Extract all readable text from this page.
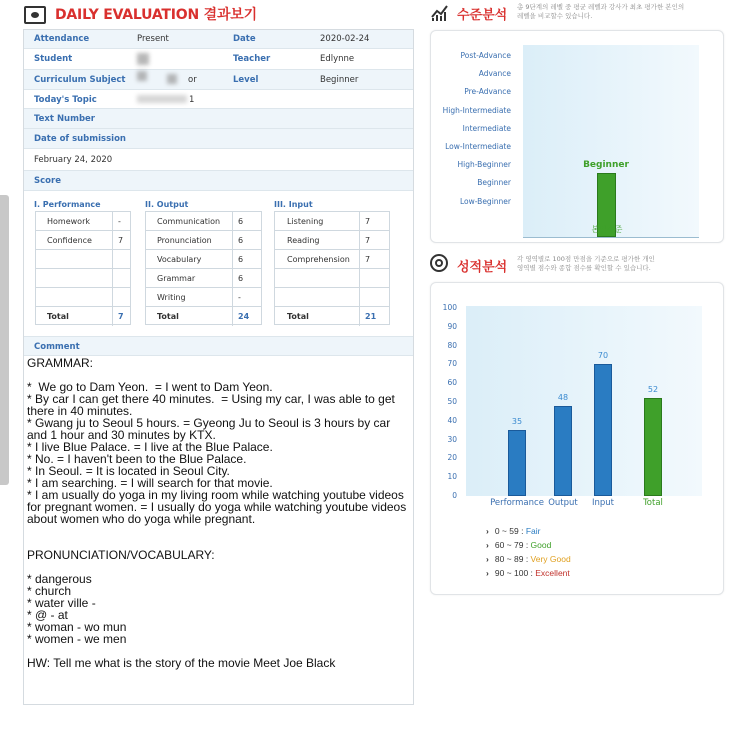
DAILY EVALUATION 결과보기
Attendance	Present	Date	2020-02-24
Student	Teacher	Edlynne
Curriculum Subject	or	Level	Beginner
Today's Topic	1
Text Number
Date of submission
February 24, 2020
Score
I. Performance	II. Output	III. Input
Homework	-
Confidence	7
Total	7
Communication 6
Pronunciation	6
Vocabulary	6
Grammar	6
Writing	-
Total	24
Listening	7
Reading	7
Comprehension 7
Total	21
Comment
GRAMMAR:

*  We go to Dam Yeon.  = I went to Dam Yeon.
* By car I can get there 40 minutes.  = Using my car, I was able to get there in 40 minutes.
* Gwang ju to Seoul 5 hours. = Gyeong Ju to Seoul is 3 hours by car and 1 hour and 30 minutes by KTX.
* I live Blue Palace. = I live at the Blue Palace.
* No. = I haven't been to the Blue Palace.
* In Seoul. = It is located in Seoul City.
* I am searching. = I will search for that movie.
* I am usually do yoga in my living room while watching youtube videos for pregnant women. = I usually do yoga while watching youtube videos about women who do yoga while pregnant.

PRONUNCIATION/VOCABULARY:

* dangerous
* church
* water ville -
* @ - at
* woman - wo mun
* women - we men

HW: Tell me what is the story of the movie Meet Joe Black
수준분석
총 9단계의 레벨 중 평균 레벨과 강사가 최초 평가한 본인의
레벨을 비교할수 있습니다.
Post-Advance
Advance
Pre-Advance
High-Intermediate
Intermediate
Low-Intermediate
High-Beginner
Beginner
Low-Beginner
Beginner
본인수준
성적분석
각 영역별로 100점 만점을 기준으로 평가한 개인
영역별 점수와 종합 점수를 확인할 수 있습니다.
100
90
80
70
60
50
40
30
20
10
0
35
Performance
48
Output
70
Input
52
Total
› 0 ~ 59 : Fair
› 60 ~ 79 : Good
› 80 ~ 89 : Very Good
› 90 ~ 100 : Excellent
